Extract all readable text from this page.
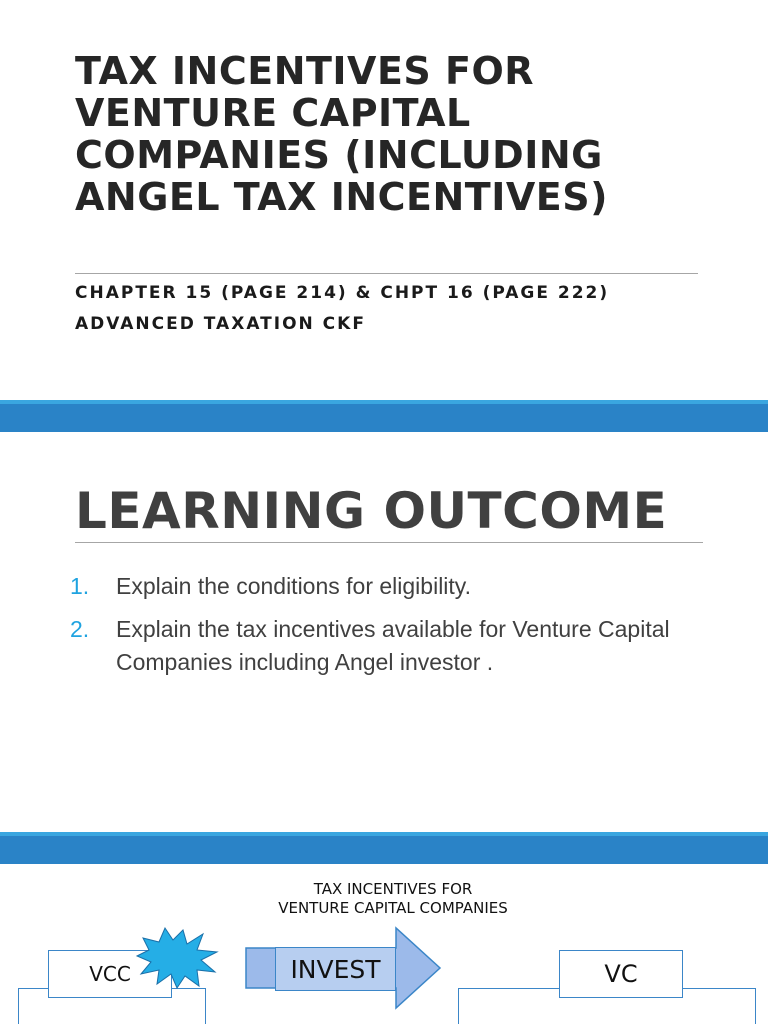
TAX INCENTIVES FOR
VENTURE CAPITAL
COMPANIES (INCLUDING
ANGEL TAX INCENTIVES)
CHAPTER 15 (PAGE 214) & CHPT 16 (PAGE 222)
ADVANCED TAXATION CKF
LEARNING OUTCOME
1.	Explain the conditions for eligibility.
2.	Explain the tax incentives available for Venture Capital Companies including Angel investor .
TAX INCENTIVES FOR
VENTURE CAPITAL COMPANIES
VCC	INVEST	VC
